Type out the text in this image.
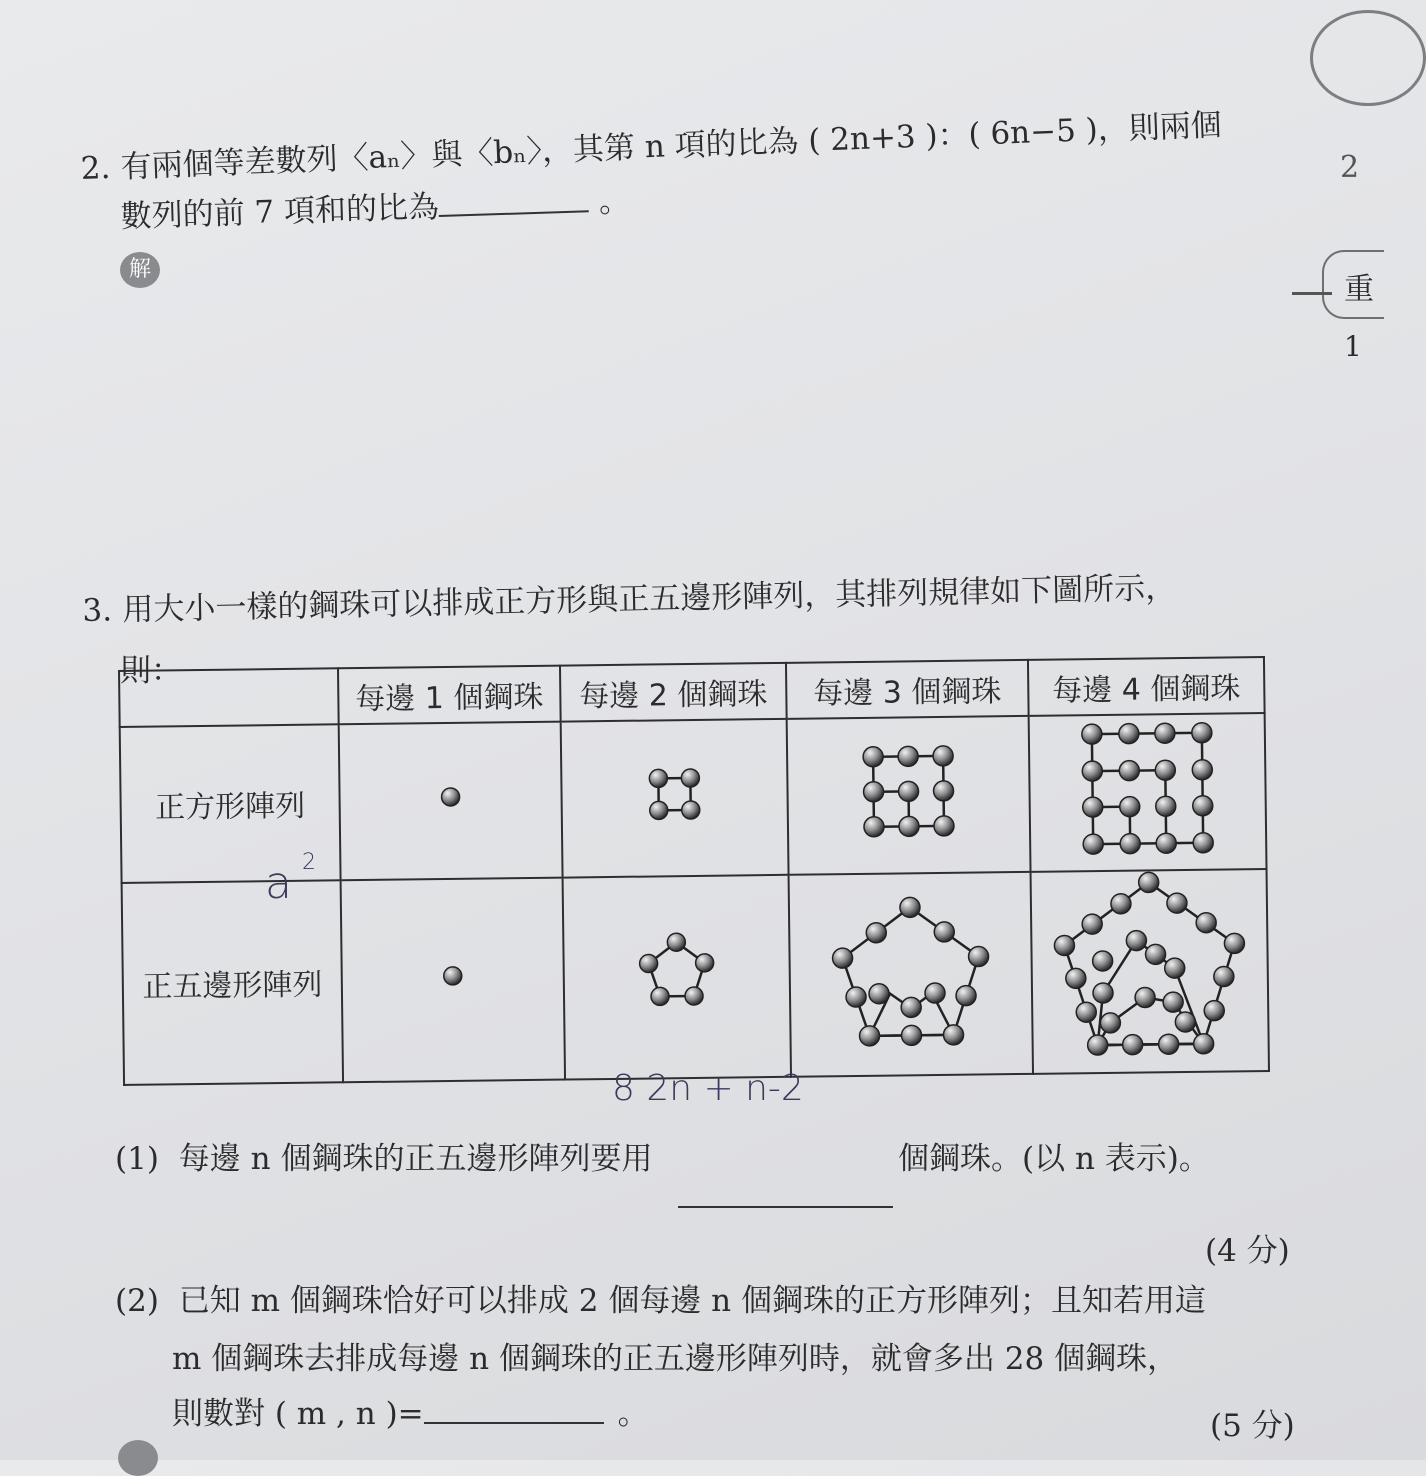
2
重
1
2. 有兩個等差數列〈aₙ〉與〈bₙ〉，其第 n 項的比為 ( 2n+3 )：( 6n−5 )，則兩個
數列的前 7 項和的比為	。
解
3. 用大小一樣的鋼珠可以排成正方形與正五邊形陣列，其排列規律如下圖所示，
則：
	每邊 1 個鋼珠	每邊 2 個鋼珠	每邊 3 個鋼珠	每邊 4 個鋼珠
正方形陣列				
正五邊形陣列				
a 2
8 2n + n-2
(1) 每邊 n 個鋼珠的正五邊形陣列要用	個鋼珠。(以 n 表示)。
(4 分)
(2) 已知 m 個鋼珠恰好可以排成 2 個每邊 n 個鋼珠的正方形陣列；且知若用這
m 個鋼珠去排成每邊 n 個鋼珠的正五邊形陣列時，就會多出 28 個鋼珠，
則數對 ( m , n )=	。	(5 分)
